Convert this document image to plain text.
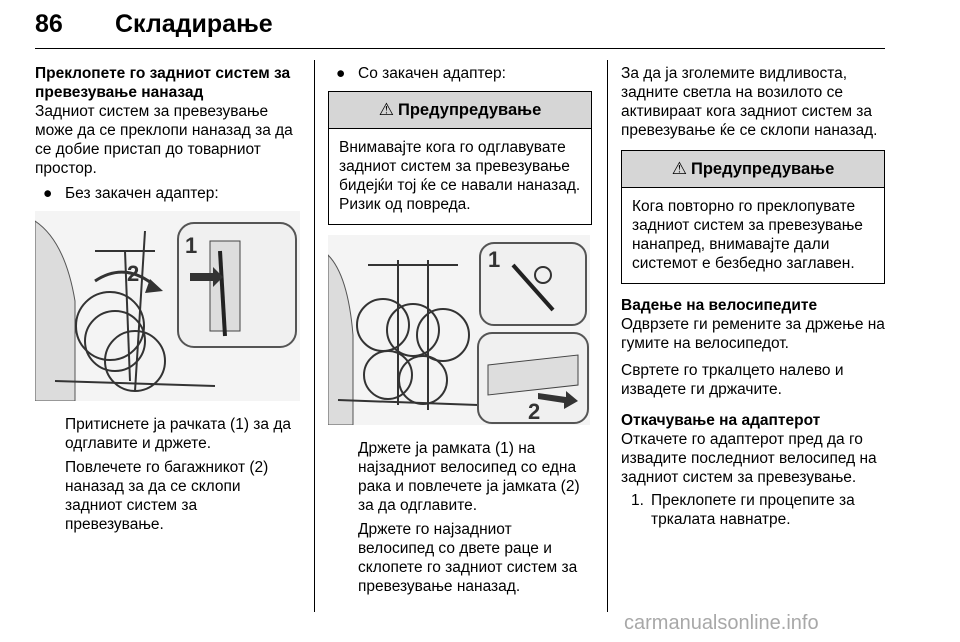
86 Складирање

Преклопете го задниот систем за превезување наназад

Задниот систем за превезување може да се преклопи наназад за да се добие пристап до товарниот простор.

● Без закачен адаптер:

2
1

Притиснете ја рачката (1) за да одглавите и држете.

Повлечете го багажникот (2) наназад за да се склопи задниот систем за превезување.

● Со закачен адаптер:

⚠ Предупредување
Внимавајте кога го одглавувате задниот систем за превезување бидејќи тој ќе се навали наназад. Ризик од повреда.
1
2

Држете ја рамката (1) на најзадниот велосипед со една рака и повлечете ја јамката (2) за да одглавите.

Држете го најзадниот велосипед со двете раце и склопете го задниот систем за превезување наназад.

За да ја зголемите видливоста, задните светла на возилото се активираат кога задниот систем за превезување ќе се склопи наназад.

⚠ Предупредување
Кога повторно го преклопувате задниот систем за превезување нанапред, внимавајте дали системот е безбедно заглавен.

Вадење на велосипедите

Одврзете ги ремените за држење на гумите на велосипедот.

Свртете го тркалцето налево и извадете ги држачите.

Откачување на адаптерот

Откачете го адаптерот пред да го извадите последниот велосипед на задниот систем за превезување.

1. Преклопете ги процепите за тркалата навнатре.
carmanualsonline.info
